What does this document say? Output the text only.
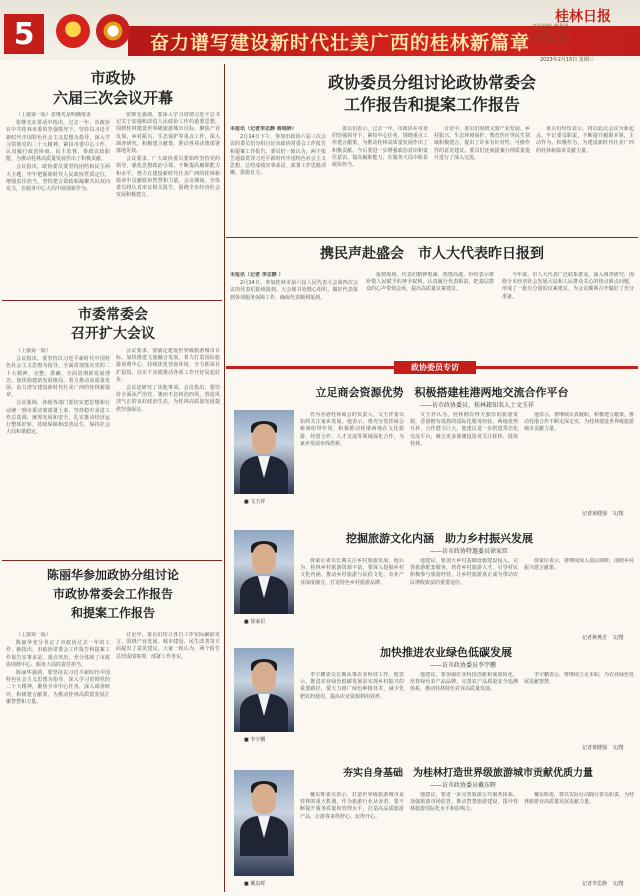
5	奋力谱写建设新时代壮美广西的桂林新篇章
桂林日报
责任编辑 蒋利强
美术编辑 刘 军
责任校对 夏祥杰
2023年2月15日 星期三
市政协
六届三次会议开幕

（上接第一版）张继光是明确要求

张继光在讲话中指出，过去一年，市政协在中共桂林市委的坚强领导下，坚持以习近平新时代中国特色社会主义思想为指导，深入学习贯彻党的二十大精神，紧扣市委中心工作，认真履行政治协商、民主监督、参政议政职能，为推动桂林高质量发展作出了积极贡献。

会议指出，政协委员要坚持团结和民主两大主题，牢牢把握新时代人民政协性质定位，增强责任担当，坚持建言资政和凝聚共识双向发力，在服务中心大局中展现新作为。

张继光强调，要深入学习贯彻习近平总书记关于加强和改进人民政协工作的重要思想，围绕桂林建设世界级旅游城市目标，聚焦产业发展、乡村振兴、生态保护等重点工作，深入调查研究，积极建言献策，推动各项决策部署落地见效。

会议要求，广大政协委员要始终坚持党的领导，强化思想政治引领，不断提高履职能力和水平，努力在建设新时代壮美广西的桂林新篇章中贡献政协智慧和力量。会议期间，全体委员将认真审议相关报告，围绕全市经济社会发展积极建言。

市委常委会
召开扩大会议

（上接第一版）

会议指出，要坚持以习近平新时代中国特色社会主义思想为指导，全面贯彻落实党的二十大精神，完整、准确、全面贯彻新发展理念，加快构建新发展格局，着力推动高质量发展，奋力谱写建设新时代壮美广西的桂林新篇章。

会议强调，各级各部门要切实把思想和行动统一到市委决策部署上来，坚持稳中求进工作总基调，统筹发展和安全，扎实推动经济运行整体好转，持续保障和改善民生，保持社会大局和谐稳定。

会议要求，要锚定建设世界级旅游城市目标，加快推进文旅融合发展，着力打造国际旅游消费中心，持续优化营商环境，全力抓项目扩投资，以实干实绩推动各项工作开好局起好步。

会议还研究了其他事项。会议指出，要坚持全面从严治党，驰而不息纠治四风，营造风清气正的良好政治生态，为桂林高质量发展提供坚强保证。

陈丽华参加政协分组讨论
市政协常委会工作报告
和提案工作报告

（上接第一版）

陈丽华充分肯定了市政协过去一年的工作，她指出，市政协常委会工作报告和提案工作报告实事求是、重点突出，充分体现了市政协围绕中心、服务大局的责任担当。

陈丽华强调，要坚持以习近平新时代中国特色社会主义思想为指导，深入学习贯彻党的二十大精神，聚焦全市中心任务，深入调查研究，积极建言献策，为推动桂林高质量发展汇聚智慧和力量。

讨论中，委员们结合各自工作实际踊跃发言，围绕产业发展、城市建设、民生改善等方面提出了意见建议。大家一致认为，两个报告总结成绩客观，部署工作务实。

政协委员分组讨论政协常委会
工作报告和提案工作报告

本报讯（记者李志静 蒋瑞婷）

2月14日下午，参加市政协六届三次会议的委员们分组讨论市政协常委会工作报告和提案工作报告。委员们一致认为，两个报告通篇贯穿习近平新时代中国特色社会主义思想，总结成绩实事求是，部署工作思路清晰、措施有力。

委员们表示，过去一年，市政协在市委的坚强领导下，紧扣中心任务，围绕重点工作建言献策，为推动桂林高质量发展作出了积极贡献。今后要进一步增强政治意识和责任意识，提高履职能力，在服务大局中彰显政协担当。

讨论中，委员们围绕文旅产业发展、乡村振兴、生态环境保护、教育医疗等民生领域积极建言，提出了许多有针对性、可操作性的意见建议。委员们还就提案办理质量提升进行了深入交流。

委员们纷纷表示，将以此次会议为新起点，牢记委员职责，不断提升履职本领，主动作为、积极作为，为建设新时代壮美广西的桂林新篇章贡献力量。

携民声赴盛会　市人大代表昨日报到

本报讯（记者 李志静 ）

2月14日，参加桂林市第六届人民代表大会第四次会议的代表们陆续报到。大会秘书处精心组织，做好代表报到各项服务保障工作，确保代表顺利报到。

报到现场，代表们精神饱满、热情高涨，纷纷表示将珍惜人民赋予的神圣权利，认真履行代表职责，把基层群众的心声带到会场，提出高质量议案建议。

今年来，市人大代表广泛联系群众，深入调查研究，围绕全市经济社会发展大局和人民群众关心的热点难点问题，形成了一批有分量的议案建议，为会议顺利召开做好了充分准备。

政协委员专访
■ 文玉祥
立足商会资源优势　积极搭建桂港两地交流合作平台
——访市政协委员、桂林籍知名人士文玉祥

作为香港桂林商会的负责人，文玉祥委员始终关注家乡发展。他表示，将充分发挥商会桥梁纽带作用，积极推动桂港两地在文化旅游、经贸合作、人才交流等领域深化合作，为家乡发展牵线搭桥。

文玉祥认为，桂林拥有得天独厚的旅游资源，香港拥有成熟的国际化服务经验，两地优势互补，合作潜力巨大。他建议进一步搭建常态化交流平台，吸引更多港澳投资者关注桂林、投资桂林。

他表示，将继续认真履职，积极建言献策，推动桂港合作不断走深走实，为桂林建设世界级旅游城市贡献力量。

记者黄健强　文/图
■ 徐家臣
挖掘旅游文化内涵　助力乡村振兴发展
——访市政协特邀委员徐家臣

徐家臣委员长期关注乡村旅游发展。他认为，桂林乡村旅游资源丰富，要深入挖掘乡村文化内涵，推动乡村旅游与民俗文化、农业产业深度融合，打造特色乡村旅游品牌。

他建议，要加大乡村基础设施建设投入，完善旅游配套服务，培育乡村旅游人才，引导村民积极参与旅游经营，让乡村旅游真正成为带动农民增收致富的重要途径。

徐家臣表示，将继续深入基层调研，围绕乡村振兴建言献策。

记者蒋燕芳　文/图
■ 李宇鹏
加快推进农业绿色低碳发展
——访市政协委员李宇鹏

李宇鹏委员长期从事农业科技工作。他表示，推进农业绿色低碳发展是实现乡村振兴的重要路径，要大力推广绿色种植技术，减少化肥农药使用，提高农业资源利用效率。

他建议，要加强农业科技创新和成果转化，培育绿色农产品品牌，完善农产品质量安全追溯体系，推动桂林特色农业高质量发展。

李宇鹏表示，将继续立足本职，为农业绿色发展贡献智慧。

记者黄健强　文/图
■ 戴东晖
夯实自身基础　为桂林打造世界级旅游城市贡献优质力量
——访市政协委员戴东晖

戴东晖委员表示，打造世界级旅游城市是桂林的重大机遇。作为旅游行业从业者，要不断提升服务质量和管理水平，打造高品质旅游产品，让游客来得舒心、玩得开心。

他建议，要进一步完善旅游公共服务体系，加强旅游市场监管，推动智慧旅游建设，提升桂林旅游国际化水平和影响力。

戴东晖说，将以实际行动践行委员职责，为桂林旅游业高质量发展贡献力量。

记者李思静　文/图
